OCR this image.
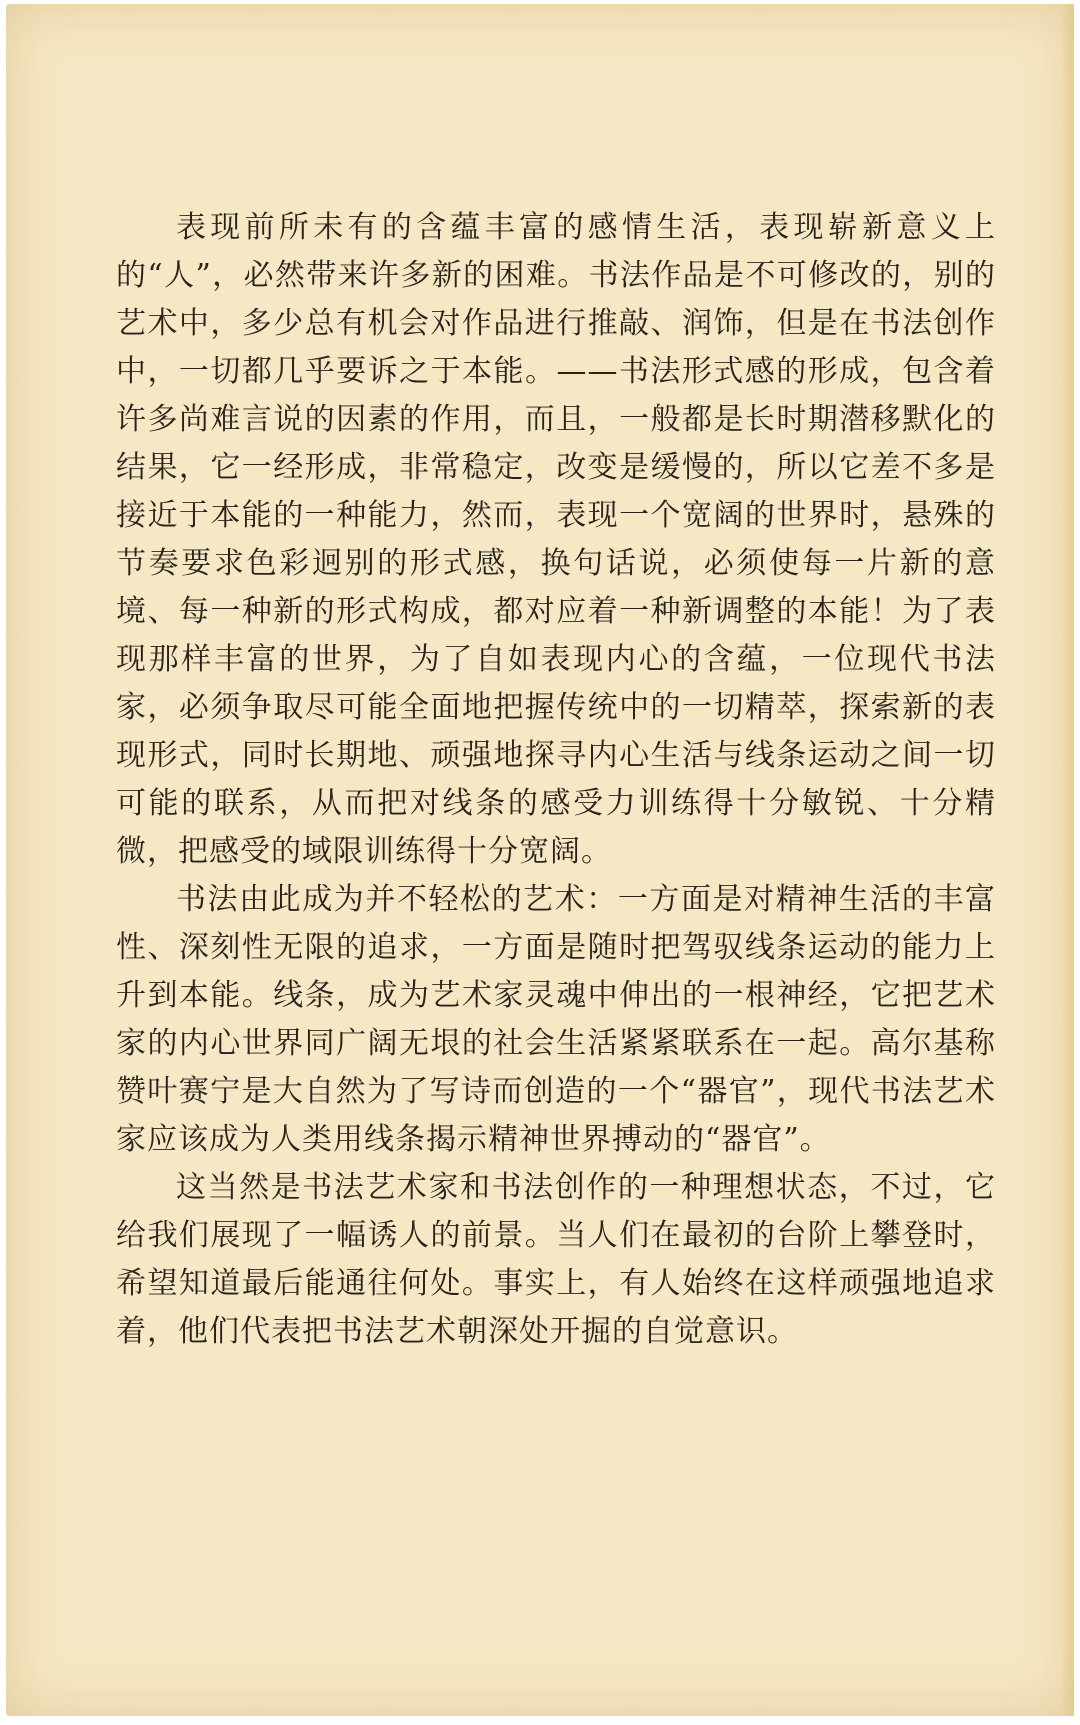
表现前所未有的含蕴丰富的感情生活，表现崭新意义上的“人”，必然带来许多新的困难。书法作品是不可修改的，别的艺术中，多少总有机会对作品进行推敲、润饰，但是在书法创作中，一切都几乎要诉之于本能。——书法形式感的形成，包含着许多尚难言说的因素的作用，而且，一般都是长时期潜移默化的结果，它一经形成，非常稳定，改变是缓慢的，所以它差不多是接近于本能的一种能力，然而，表现一个宽阔的世界时，悬殊的节奏要求色彩迥别的形式感，换句话说，必须使每一片新的意境、每一种新的形式构成，都对应着一种新调整的本能！为了表现那样丰富的世界，为了自如表现内心的含蕴，一位现代书法家，必须争取尽可能全面地把握传统中的一切精萃，探索新的表现形式，同时长期地、顽强地探寻内心生活与线条运动之间一切可能的联系，从而把对线条的感受力训练得十分敏锐、十分精微，把感受的域限训练得十分宽阔。

书法由此成为并不轻松的艺术：一方面是对精神生活的丰富性、深刻性无限的追求，一方面是随时把驾驭线条运动的能力上升到本能。线条，成为艺术家灵魂中伸出的一根神经，它把艺术家的内心世界同广阔无垠的社会生活紧紧联系在一起。高尔基称赞叶赛宁是大自然为了写诗而创造的一个“器官”，现代书法艺术家应该成为人类用线条揭示精神世界搏动的“器官”。

这当然是书法艺术家和书法创作的一种理想状态，不过，它给我们展现了一幅诱人的前景。当人们在最初的台阶上攀登时，希望知道最后能通往何处。事实上，有人始终在这样顽强地追求着，他们代表把书法艺术朝深处开掘的自觉意识。
